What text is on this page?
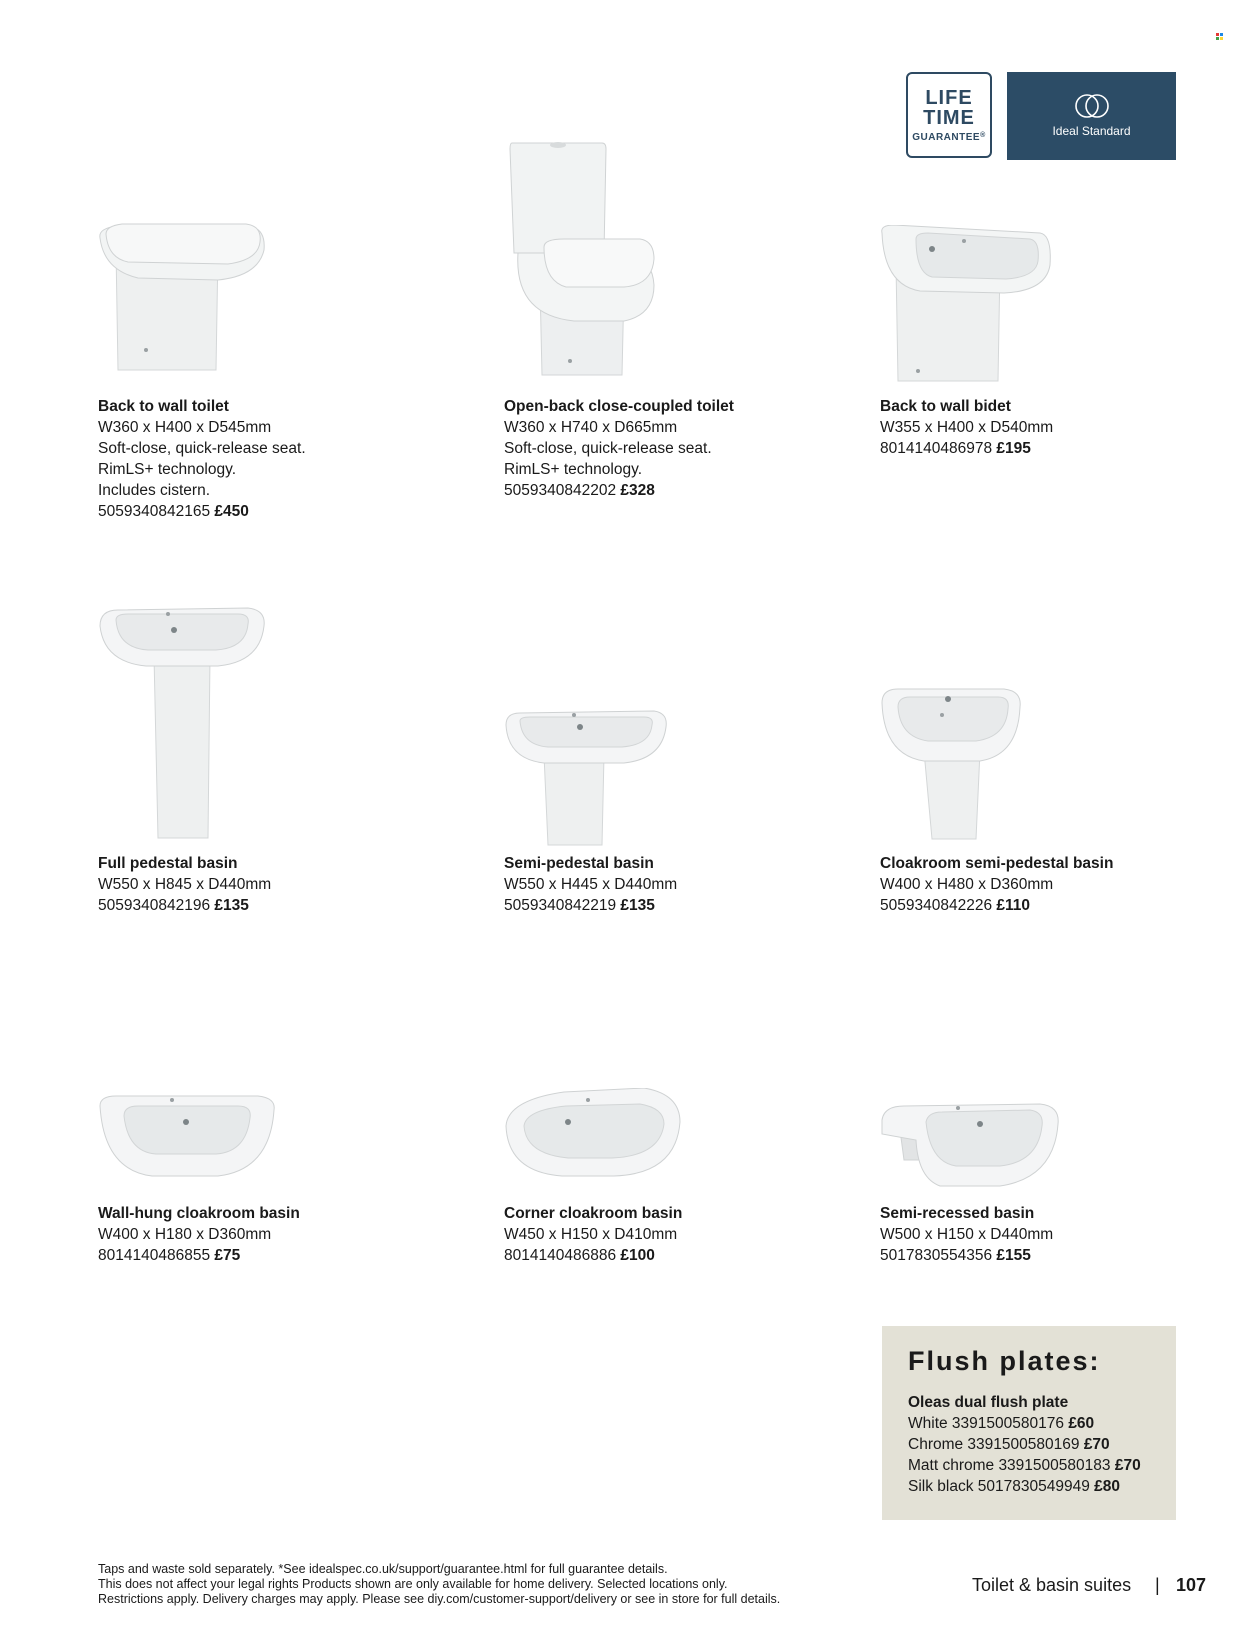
LIFE
TIME
GUARANTEE®	Ideal Standard
Back to wall toilet
W360 x H400 x D545mm
Soft-close, quick-release seat.
RimLS+ technology.
Includes cistern.
5059340842165 £450
Open-back close-coupled toilet
W360 x H740 x D665mm
Soft-close, quick-release seat.
RimLS+ technology.
5059340842202 £328
Back to wall bidet
W355 x H400 x D540mm
8014140486978 £195
Full pedestal basin
W550 x H845 x D440mm
5059340842196 £135
Semi-pedestal basin
W550 x H445 x D440mm
5059340842219 £135
Cloakroom semi-pedestal basin
W400 x H480 x D360mm
5059340842226 £110
Wall-hung cloakroom basin
W400 x H180 x D360mm
8014140486855 £75
Corner cloakroom basin
W450 x H150 x D410mm
8014140486886 £100
Semi-recessed basin
W500 x H150 x D440mm
5017830554356 £155
Flush plates:
Oleas dual flush plate
White 3391500580176 £60
Chrome 3391500580169 £70
Matt chrome 3391500580183 £70
Silk black 5017830549949 £80
Taps and waste sold separately. *See idealspec.co.uk/support/guarantee.html for full guarantee details.
This does not affect your legal rights Products shown are only available for home delivery. Selected locations only.
Restrictions apply. Delivery charges may apply. Please see diy.com/customer-support/delivery or see in store for full details.
Toilet & basin suites | 107
